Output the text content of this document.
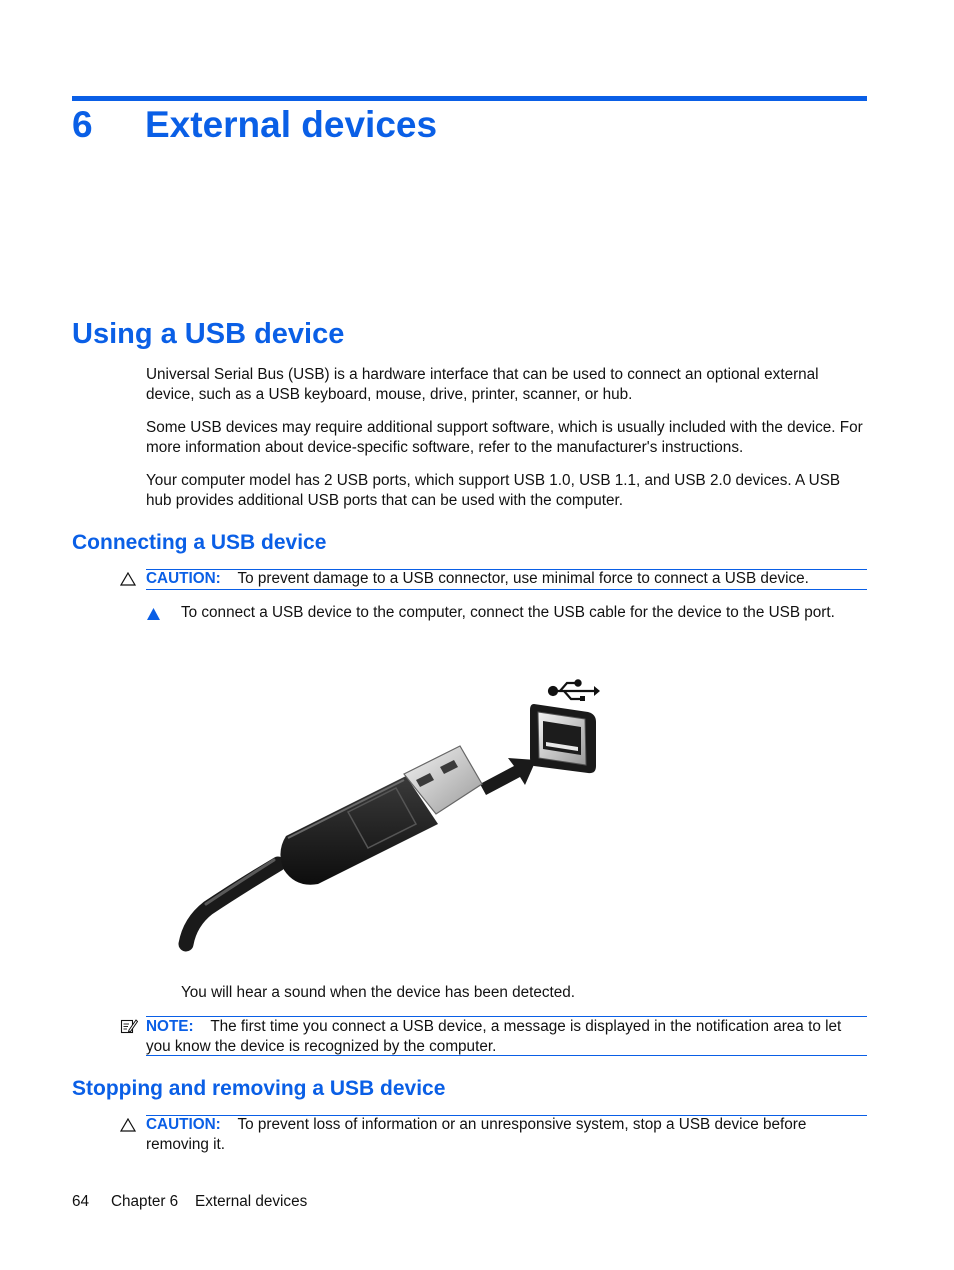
6 External devices
Using a USB device
Universal Serial Bus (USB) is a hardware interface that can be used to connect an optional external device, such as a USB keyboard, mouse, drive, printer, scanner, or hub.
Some USB devices may require additional support software, which is usually included with the device. For more information about device-specific software, refer to the manufacturer's instructions.
Your computer model has 2 USB ports, which support USB 1.0, USB 1.1, and USB 2.0 devices. A USB hub provides additional USB ports that can be used with the computer.
Connecting a USB device
CAUTION: To prevent damage to a USB connector, use minimal force to connect a USB device.
To connect a USB device to the computer, connect the USB cable for the device to the USB port.
You will hear a sound when the device has been detected.
NOTE: The first time you connect a USB device, a message is displayed in the notification area to let you know the device is recognized by the computer.
Stopping and removing a USB device
CAUTION: To prevent loss of information or an unresponsive system, stop a USB device before removing it.
64 Chapter 6 External devices
